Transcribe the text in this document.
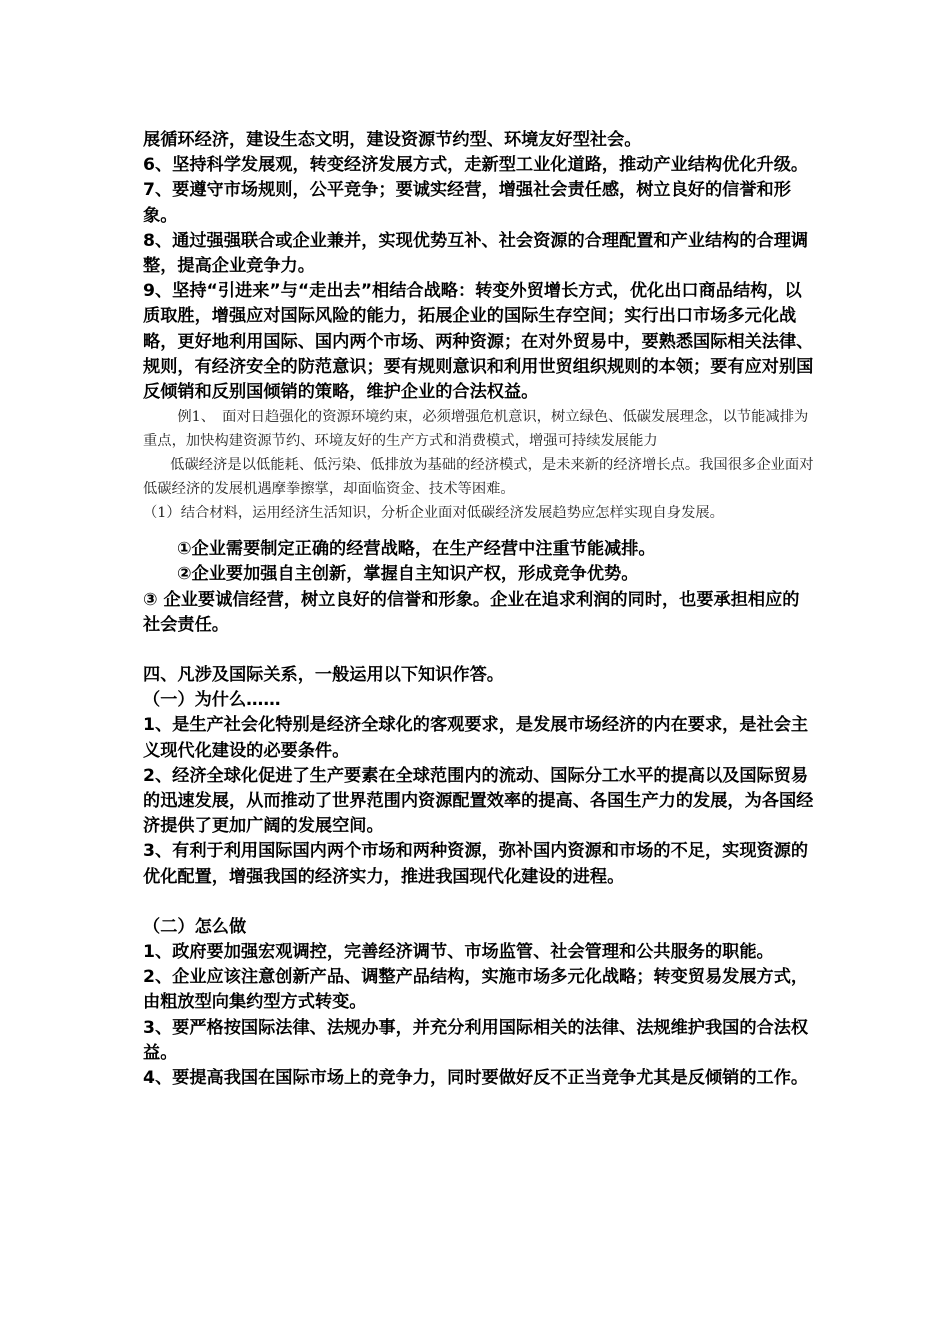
展循环经济，建设生态文明，建设资源节约型、环境友好型社会。

6、坚持科学发展观，转变经济发展方式，走新型工业化道路，推动产业结构优化升级。

7、要遵守市场规则，公平竞争；要诚实经营，增强社会责任感，树立良好的信誉和形象。

8、通过强强联合或企业兼并，实现优势互补、社会资源的合理配置和产业结构的合理调整，提高企业竞争力。

9、坚持“引进来”与“走出去”相结合战略：转变外贸增长方式，优化出口商品结构，以质取胜，增强应对国际风险的能力，拓展企业的国际生存空间；实行出口市场多元化战略，更好地利用国际、国内两个市场、两种资源；在对外贸易中，要熟悉国际相关法律、规则，有经济安全的防范意识；要有规则意识和利用世贸组织规则的本领；要有应对别国反倾销和反别国倾销的策略，维护企业的合法权益。

例1、　面对日趋强化的资源环境约束，必须增强危机意识，树立绿色、低碳发展理念，以节能减排为重点，加快构建资源节约、环境友好的生产方式和消费模式，增强可持续发展能力

低碳经济是以低能耗、低污染、低排放为基础的经济模式，是未来新的经济增长点。我国很多企业面对低碳经济的发展机遇摩拳擦掌，却面临资金、技术等困难。

（1）结合材料，运用经济生活知识，分析企业面对低碳经济发展趋势应怎样实现自身发展。

①企业需要制定正确的经营战略，在生产经营中注重节能减排。

②企业要加强自主创新，掌握自主知识产权，形成竞争优势。

③ 企业要诚信经营，树立良好的信誉和形象。企业在追求利润的同时，也要承担相应的社会责任。

四、凡涉及国际关系，一般运用以下知识作答。

（一）为什么……

1、是生产社会化特别是经济全球化的客观要求，是发展市场经济的内在要求，是社会主义现代化建设的必要条件。

2、经济全球化促进了生产要素在全球范围内的流动、国际分工水平的提高以及国际贸易的迅速发展，从而推动了世界范围内资源配置效率的提高、各国生产力的发展，为各国经济提供了更加广阔的发展空间。

3、有利于利用国际国内两个市场和两种资源，弥补国内资源和市场的不足，实现资源的优化配置，增强我国的经济实力，推进我国现代化建设的进程。

（二）怎么做

1、政府要加强宏观调控，完善经济调节、市场监管、社会管理和公共服务的职能。

2、企业应该注意创新产品、调整产品结构，实施市场多元化战略；转变贸易发展方式，由粗放型向集约型方式转变。

3、要严格按国际法律、法规办事，并充分利用国际相关的法律、法规维护我国的合法权益。

4、要提高我国在国际市场上的竞争力，同时要做好反不正当竞争尤其是反倾销的工作。
